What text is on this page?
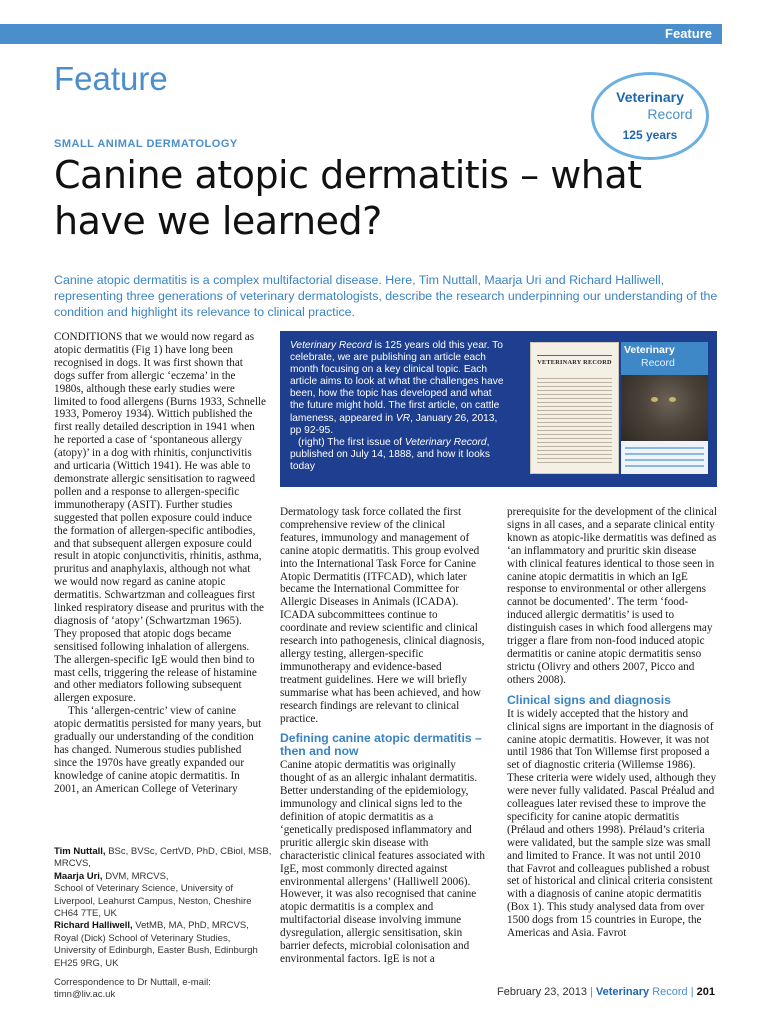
Feature
Feature	Veterinary
Record
125 years
SMALL ANIMAL DERMATOLOGY
Canine atopic dermatitis – what
have we learned?
Canine atopic dermatitis is a complex multifactorial disease. Here, Tim Nuttall, Maarja Uri and Richard Halliwell, representing three generations of veterinary dermatologists, describe the research underpinning our understanding of the condition and highlight its relevance to clinical practice.

CONDITIONS that we would now regard as atopic dermatitis (Fig 1) have long been recognised in dogs. It was first shown that dogs suffer from allergic ‘eczema’ in the 1980s, although these early studies were limited to food allergens (Burns 1933, Schnelle 1933, Pomeroy 1934). Wittich published the first really detailed description in 1941 when he reported a case of ‘spontaneous allergy (atopy)’ in a dog with rhinitis, conjunctivitis and urticaria (Wittich 1941). He was able to demonstrate allergic sensitisation to ragweed pollen and a response to allergen-specific immunotherapy (ASIT). Further studies suggested that pollen exposure could induce the formation of allergen-specific antibodies, and that subsequent allergen exposure could result in atopic conjunctivitis, rhinitis, asthma, pruritus and anaphylaxis, although not what we would now regard as canine atopic dermatitis. Schwartzman and colleagues first linked respiratory disease and pruritus with the diagnosis of ‘atopy’ (Schwartzman 1965). They proposed that atopic dogs became sensitised following inhalation of allergens. The allergen-specific IgE would then bind to mast cells, triggering the release of histamine and other mediators following subsequent allergen exposure.

This ‘allergen-centric’ view of canine atopic dermatitis persisted for many years, but gradually our understanding of the condition has changed. Numerous studies published since the 1970s have greatly expanded our knowledge of canine atopic dermatitis. In 2001, an American College of Veterinary

Tim Nuttall, BSc, BVSc, CertVD, PhD, CBiol, MSB, MRCVS,
Maarja Uri, DVM, MRCVS,
School of Veterinary Science, University of Liverpool, Leahurst Campus, Neston, Cheshire CH64 7TE, UK
Richard Halliwell, VetMB, MA, PhD, MRCVS,
Royal (Dick) School of Veterinary Studies, University of Edinburgh, Easter Bush, Edinburgh EH25 9RG, UK
Correspondence to Dr Nuttall, e-mail: timn@liv.ac.uk
Veterinary Record is 125 years old this year. To celebrate, we are publishing an article each month focusing on a key clinical topic. Each article aims to look at what the challenges have been, how the topic has developed and what the future might hold. The first article, on cattle lameness, appeared in VR, January 26, 2013, pp 92-95.
(right) The first issue of Veterinary Record, published on July 14, 1888, and how it looks today
VETERINARY RECORD
Veterinary
Record

Dermatology task force collated the first comprehensive review of the clinical features, immunology and management of canine atopic dermatitis. This group evolved into the International Task Force for Canine Atopic Dermatitis (ITFCAD), which later became the International Committee for Allergic Diseases in Animals (ICADA). ICADA subcommittees continue to coordinate and review scientific and clinical research into pathogenesis, clinical diagnosis, allergy testing, allergen-specific immunotherapy and evidence-based treatment guidelines. Here we will briefly summarise what has been achieved, and how research findings are relevant to clinical practice.

Defining canine atopic dermatitis – then and now

Canine atopic dermatitis was originally thought of as an allergic inhalant dermatitis. Better understanding of the epidemiology, immunology and clinical signs led to the definition of atopic dermatitis as a ‘genetically predisposed inflammatory and pruritic allergic skin disease with characteristic clinical features associated with IgE, most commonly directed against environmental allergens’ (Halliwell 2006). However, it was also recognised that canine atopic dermatitis is a complex and multifactorial disease involving immune dysregulation, allergic sensitisation, skin barrier defects, microbial colonisation and environmental factors. IgE is not a

prerequisite for the development of the clinical signs in all cases, and a separate clinical entity known as atopic-like dermatitis was defined as ‘an inflammatory and pruritic skin disease with clinical features identical to those seen in canine atopic dermatitis in which an IgE response to environmental or other allergens cannot be documented’. The term ‘food-induced allergic dermatitis’ is used to distinguish cases in which food allergens may trigger a flare from non-food induced atopic dermatitis or canine atopic dermatitis senso strictu (Olivry and others 2007, Picco and others 2008).

Clinical signs and diagnosis

It is widely accepted that the history and clinical signs are important in the diagnosis of canine atopic dermatitis. However, it was not until 1986 that Ton Willemse first proposed a set of diagnostic criteria (Willemse 1986). These criteria were widely used, although they were never fully validated. Pascal Préalud and colleagues later revised these to improve the specificity for canine atopic dermatitis (Prélaud and others 1998). Prélaud’s criteria were validated, but the sample size was small and limited to France. It was not until 2010 that Favrot and colleagues published a robust set of historical and clinical criteria consistent with a diagnosis of canine atopic dermatitis (Box 1). This study analysed data from over 1500 dogs from 15 countries in Europe, the Americas and Asia. Favrot

February 23, 2013 | Veterinary Record | 201
